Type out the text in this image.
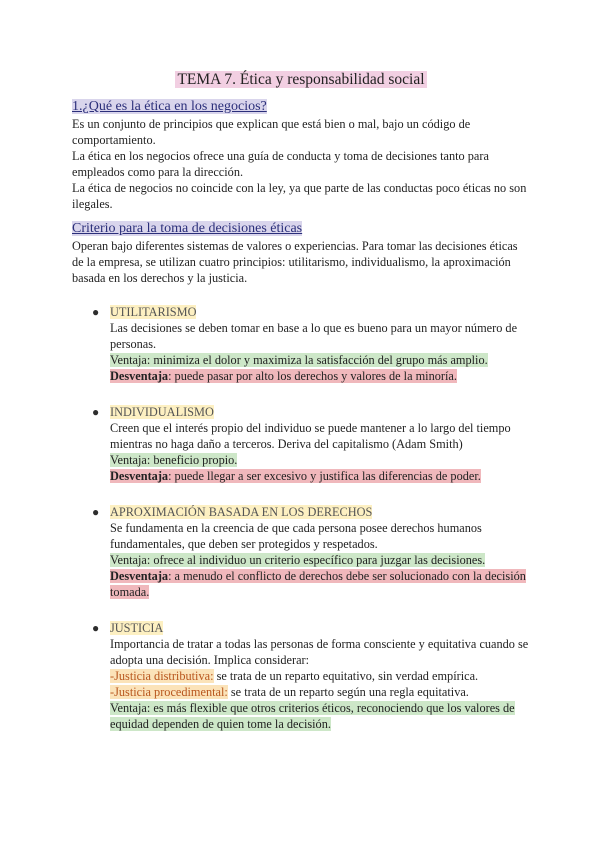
TEMA 7. Ética y responsabilidad social
1.¿Qué es la ética en los negocios?

Es un conjunto de principios que explican que está bien o mal, bajo un código de comportamiento.

La ética en los negocios ofrece una guía de conducta y toma de decisiones tanto para empleados como para la dirección.

La ética de negocios no coincide con la ley, ya que parte de las conductas poco éticas no son ilegales.

Criterio para la toma de decisiones éticas

Operan bajo diferentes sistemas de valores o experiencias. Para tomar las decisiones éticas de la empresa, se utilizan cuatro principios: utilitarismo, individualismo, la aproximación basada en los derechos y la justicia.

● UTILITARISMO

Las decisiones se deben tomar en base a lo que es bueno para un mayor número de personas.

Ventaja: minimiza el dolor y maximiza la satisfacción del grupo más amplio.

Desventaja: puede pasar por alto los derechos y valores de la minoría.

● INDIVIDUALISMO

Creen que el interés propio del individuo se puede mantener a lo largo del tiempo mientras no haga daño a terceros. Deriva del capitalismo (Adam Smith)

Ventaja: beneficio propio.

Desventaja: puede llegar a ser excesivo y justifica las diferencias de poder.

● APROXIMACIÓN BASADA EN LOS DERECHOS

Se fundamenta en la creencia de que cada persona posee derechos humanos fundamentales, que deben ser protegidos y respetados.

Ventaja: ofrece al individuo un criterio específico para juzgar las decisiones.

Desventaja: a menudo el conflicto de derechos debe ser solucionado con la decisión tomada.

● JUSTICIA

Importancia de tratar a todas las personas de forma consciente y equitativa cuando se adopta una decisión. Implica considerar:

-Justicia distributiva: se trata de un reparto equitativo, sin verdad empírica.

-Justicia procedimental: se trata de un reparto según una regla equitativa.

Ventaja: es más flexible que otros criterios éticos, reconociendo que los valores de equidad dependen de quien tome la decisión.
